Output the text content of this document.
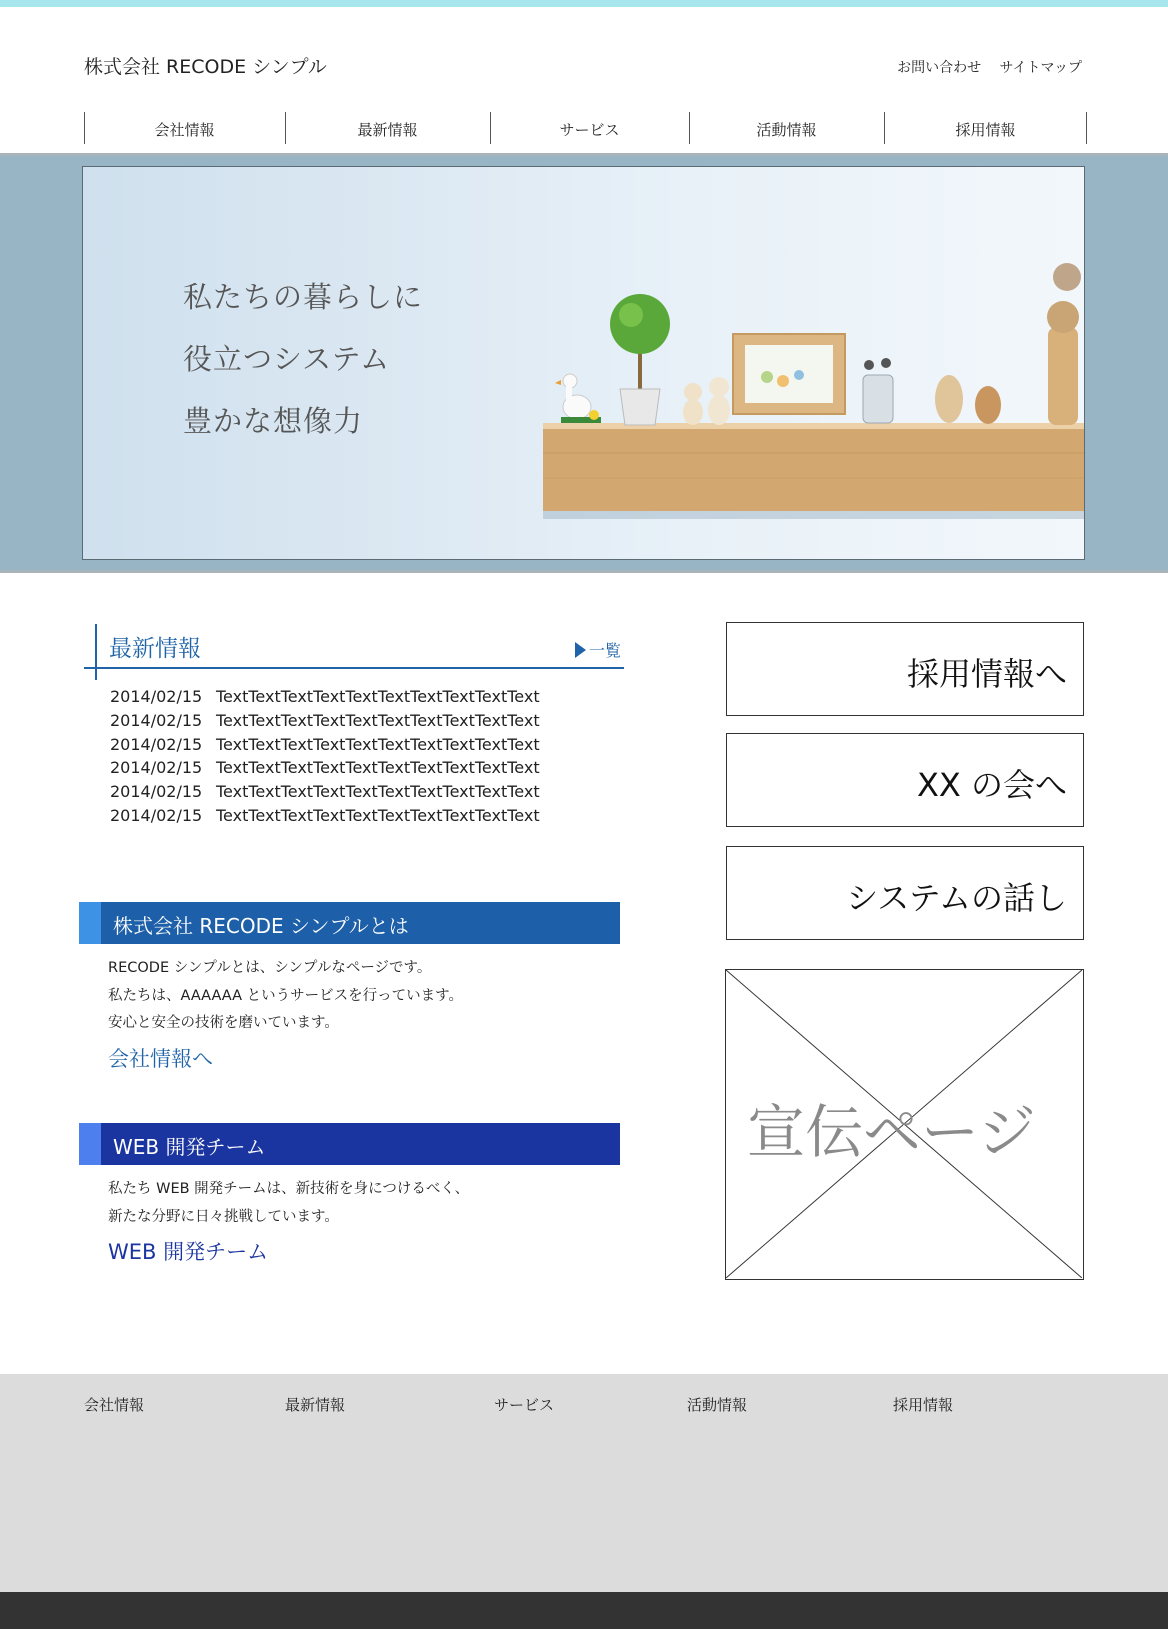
株式会社 RECODE シンプル	お問い合わせ サイトマップ
会社情報	最新情報	サービス	活動情報	採用情報
私たちの暮らしに
役立つシステム
豊かな想像力
最新情報	一覧
2014/02/15 TextTextTextTextTextTextTextTextTextText
2014/02/15 TextTextTextTextTextTextTextTextTextText
2014/02/15 TextTextTextTextTextTextTextTextTextText
2014/02/15 TextTextTextTextTextTextTextTextTextText
2014/02/15 TextTextTextTextTextTextTextTextTextText
2014/02/15 TextTextTextTextTextTextTextTextTextText
株式会社 RECODE シンプルとは
RECODE シンプルとは、シンプルなページです。
私たちは、AAAAAA というサービスを行っています。
安心と安全の技術を磨いています。
会社情報へ
WEB 開発チーム
私たち WEB 開発チームは、新技術を身につけるべく、
新たな分野に日々挑戦しています。
WEB 開発チーム
採用情報へ
XX の会へ
システムの話し
宣伝ページ
会社情報	最新情報	サービス	活動情報	採用情報
